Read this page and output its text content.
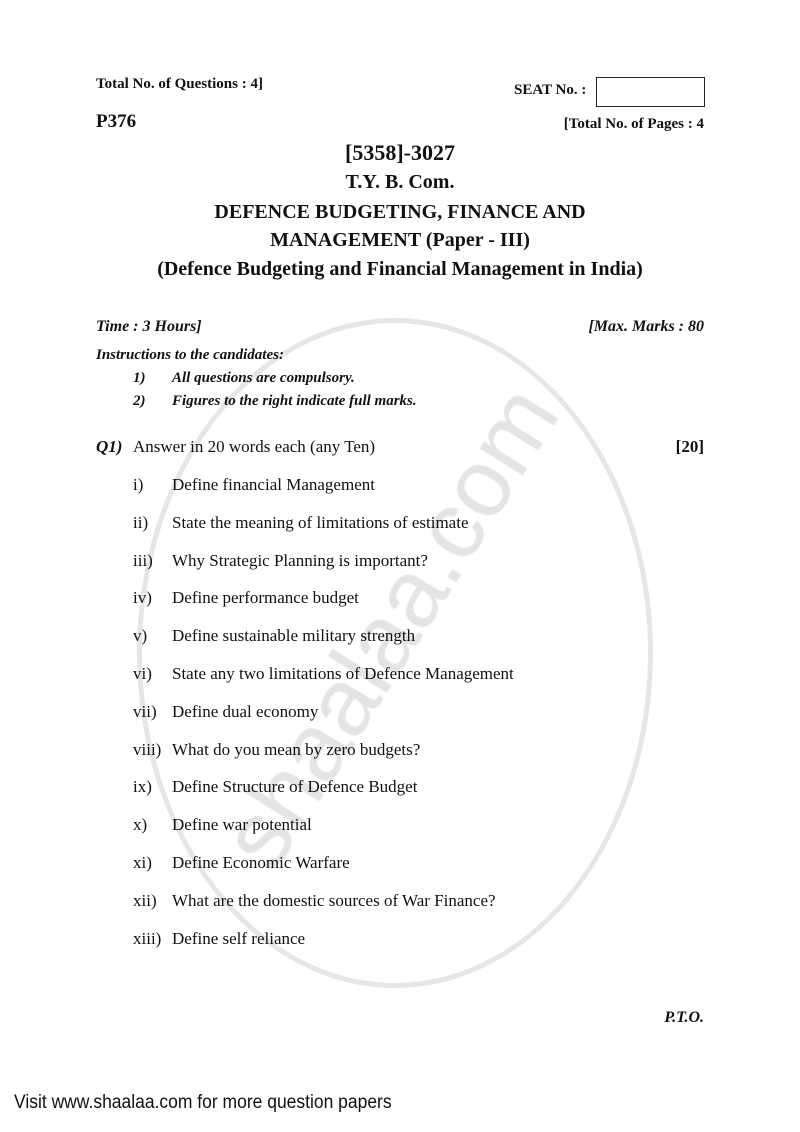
Total No. of Questions : 4]	SEAT No. :
P376	[Total No. of Pages : 4
[5358]-3027
T.Y. B. Com.
DEFENCE BUDGETING, FINANCE AND
MANAGEMENT (Paper - III)
(Defence Budgeting and Financial Management in India)
Time : 3 Hours]	[Max. Marks : 80
Instructions to the candidates:
1) All questions are compulsory.
2) Figures to the right indicate full marks.
Q1) Answer in 20 words each (any Ten)	[20]
i) Define financial Management
ii) State the meaning of limitations of estimate
iii) Why Strategic Planning is important?
iv) Define performance budget
v) Define sustainable military strength
vi) State any two limitations of Defence Management
vii) Define dual economy
viii) What do you mean by zero budgets?
ix) Define Structure of Defence Budget
x) Define war potential
xi) Define Economic Warfare
xii) What are the domestic sources of War Finance?
xiii) Define self reliance
P.T.O.
Visit www.shaalaa.com for more question papers
